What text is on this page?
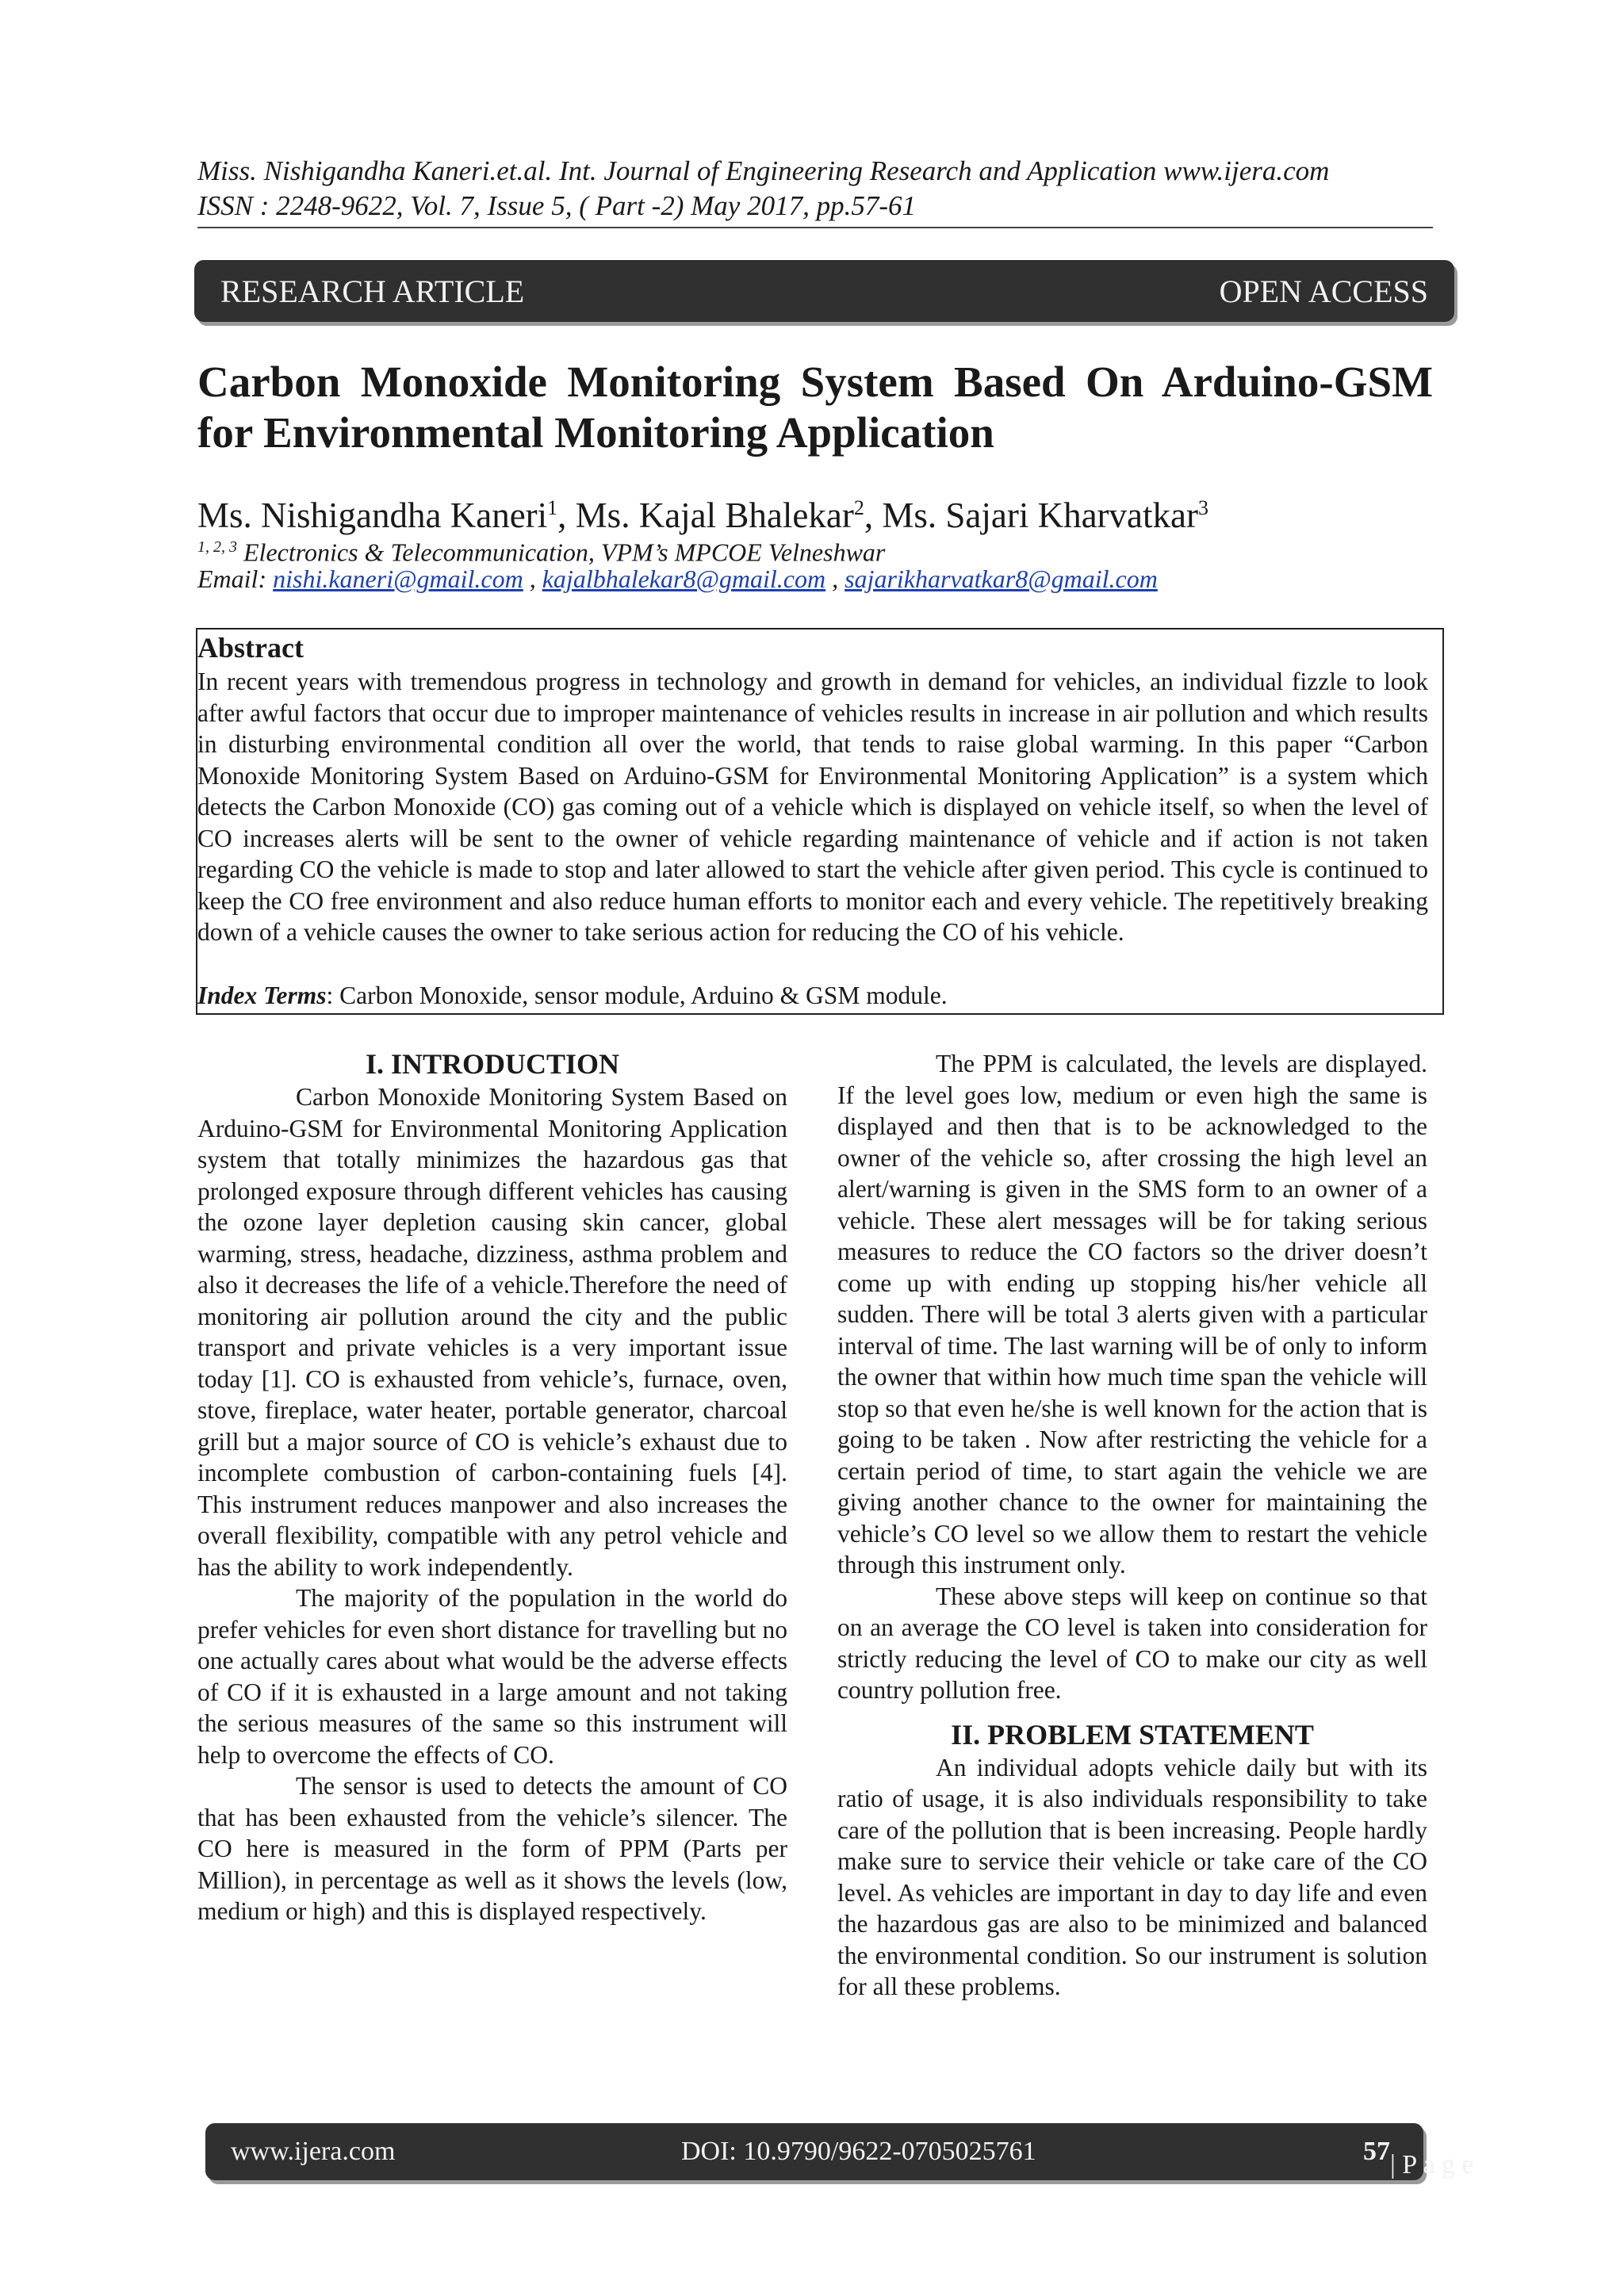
Miss. Nishigandha Kaneri.et.al. Int. Journal of Engineering Research and Application www.ijera.com
ISSN : 2248-9622, Vol. 7, Issue 5, ( Part -2) May 2017, pp.57-61
RESEARCH ARTICLE	OPEN ACCESS
Carbon Monoxide Monitoring System Based On Arduino-GSM for Environmental Monitoring Application
Ms. Nishigandha Kaneri$^1$, Ms. Kajal Bhalekar$^2$, Ms. Sajari Kharvatkar$^3$
$^{1, 2, 3}$ Electronics & Telecommunication, VPM’s MPCOE Velneshwar
Email: nishi.kaneri@gmail.com , kajalbhalekar8@gmail.com , sajarikharvatkar8@gmail.com
Abstract
In recent years with tremendous progress in technology and growth in demand for vehicles, an individual fizzle to look after awful factors that occur due to improper maintenance of vehicles results in increase in air pollution and which results in disturbing environmental condition all over the world, that tends to raise global warming. In this paper “Carbon Monoxide Monitoring System Based on Arduino-GSM for Environmental Monitoring Application” is a system which detects the Carbon Monoxide (CO) gas coming out of a vehicle which is displayed on vehicle itself, so when the level of CO increases alerts will be sent to the owner of vehicle regarding maintenance of vehicle and if action is not taken regarding CO the vehicle is made to stop and later allowed to start the vehicle after given period. This cycle is continued to keep the CO free environment and also reduce human efforts to monitor each and every vehicle. The repetitively breaking down of a vehicle causes the owner to take serious action for reducing the CO of his vehicle.
Index Terms: Carbon Monoxide, sensor module, Arduino & GSM module.
I. INTRODUCTION

Carbon Monoxide Monitoring System Based on Arduino-GSM for Environmental Monitoring Application system that totally minimizes the hazardous gas that prolonged exposure through different vehicles has causing the ozone layer depletion causing skin cancer, global warming, stress, headache, dizziness, asthma problem and also it decreases the life of a vehicle.Therefore the need of monitoring air pollution around the city and the public transport and private vehicles is a very important issue today [1]. CO is exhausted from vehicle’s, furnace, oven, stove, fireplace, water heater, portable generator, charcoal grill but a major source of CO is vehicle’s exhaust due to incomplete combustion of carbon-containing fuels [4]. This instrument reduces manpower and also increases the overall flexibility, compatible with any petrol vehicle and has the ability to work independently.

The majority of the population in the world do prefer vehicles for even short distance for travelling but no one actually cares about what would be the adverse effects of CO if it is exhausted in a large amount and not taking the serious measures of the same so this instrument will help to overcome the effects of CO.

The sensor is used to detects the amount of CO that has been exhausted from the vehicle’s silencer. The CO here is measured in the form of PPM (Parts per Million), in percentage as well as it shows the levels (low, medium or high) and this is displayed respectively.

The PPM is calculated, the levels are displayed. If the level goes low, medium or even high the same is displayed and then that is to be acknowledged to the owner of the vehicle so, after crossing the high level an alert/warning is given in the SMS form to an owner of a vehicle. These alert messages will be for taking serious measures to reduce the CO factors so the driver doesn’t come up with ending up stopping his/her vehicle all sudden. There will be total 3 alerts given with a particular interval of time. The last warning will be of only to inform the owner that within how much time span the vehicle will stop so that even he/she is well known for the action that is going to be taken . Now after restricting the vehicle for a certain period of time, to start again the vehicle we are giving another chance to the owner for maintaining the vehicle’s CO level so we allow them to restart the vehicle through this instrument only.

These above steps will keep on continue so that on an average the CO level is taken into consideration for strictly reducing the level of CO to make our city as well country pollution free.

II. PROBLEM STATEMENT

An individual adopts vehicle daily but with its ratio of usage, it is also individuals responsibility to take care of the pollution that is been increasing. People hardly make sure to service their vehicle or take care of the CO level. As vehicles are important in day to day life and even the hazardous gas are also to be minimized and balanced the environmental condition. So our instrument is solution for all these problems.

www.ijera.com	DOI: 10.9790/9622-0705025761	57 | P a g e
